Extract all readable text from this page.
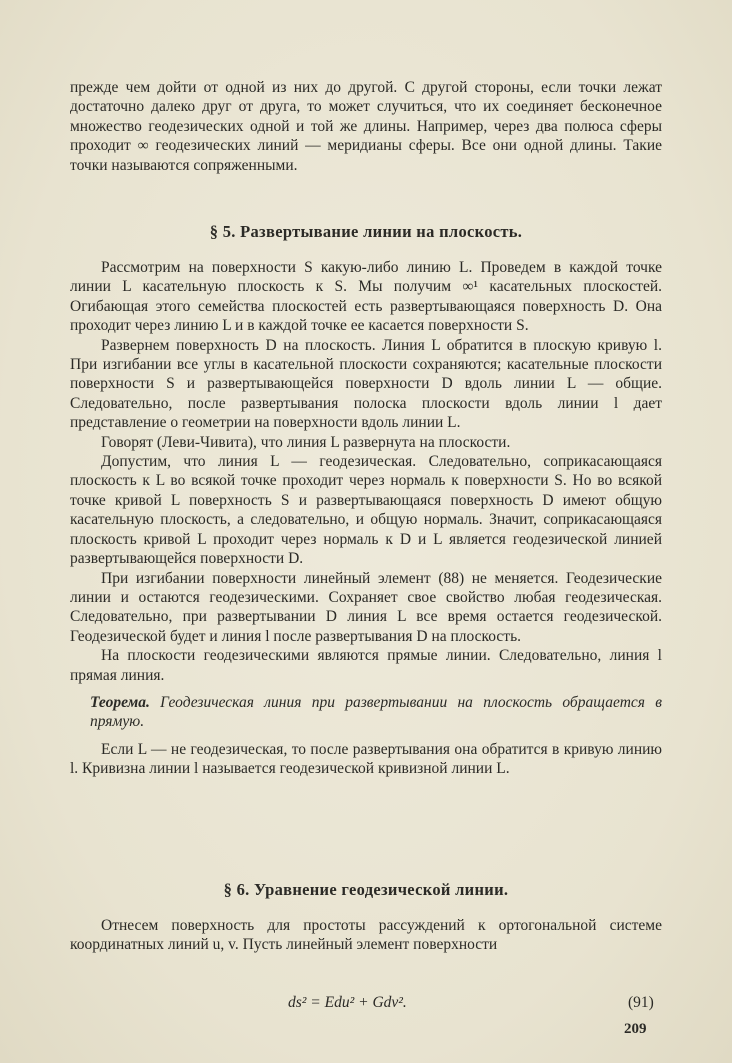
прежде чем дойти от одной из них до другой. С другой стороны, если точки лежат достаточно далеко друг от друга, то может случиться, что их соединяет бесконечное множество геодезических одной и той же длины. Например, через два полюса сферы проходит ∞ геодезических линий — меридианы сферы. Все они одной длины. Такие точки называются сопряженными.

§ 5. Развертывание линии на плоскость.

Рассмотрим на поверхности S какую-либо линию L. Проведем в каждой точке линии L касательную плоскость к S. Мы получим ∞¹ касательных плоскостей. Огибающая этого семейства плоскостей есть развертывающаяся поверхность D. Она проходит через линию L и в каждой точке ее касается поверхности S.

Развернем поверхность D на плоскость. Линия L обратится в плоскую кривую l. При изгибании все углы в касательной плоскости сохраняются; касательные плоскости поверхности S и развертывающейся поверхности D вдоль линии L — общие. Следовательно, после развертывания полоска плоскости вдоль линии l дает представление о геометрии на поверхности вдоль линии L.

Говорят (Леви-Чивита), что линия L развернута на плоскости.

Допустим, что линия L — геодезическая. Следовательно, соприкасающаяся плоскость к L во всякой точке проходит через нормаль к поверхности S. Но во всякой точке кривой L поверхность S и развертывающаяся поверхность D имеют общую касательную плоскость, а следовательно, и общую нормаль. Значит, соприкасающаяся плоскость кривой L проходит через нормаль к D и L является геодезической линией развертывающейся поверхности D.

При изгибании поверхности линейный элемент (88) не меняется. Геодезические линии и остаются геодезическими. Сохраняет свое свойство любая геодезическая. Следовательно, при развертывании D линия L все время остается геодезической. Геодезической будет и линия l после развертывания D на плоскость.

На плоскости геодезическими являются прямые линии. Следовательно, линия l прямая линия.

Теорема. Геодезическая линия при развертывании на плоскость обращается в прямую.

Если L — не геодезическая, то после развертывания она обратится в кривую линию l. Кривизна линии l называется геодезической кривизной линии L.

§ 6. Уравнение геодезической линии.

Отнесем поверхность для простоты рассуждений к ортогональной системе координатных линий u, v. Пусть линейный элемент поверхности

ds² = Edu² + Gdv².	(91)
209
